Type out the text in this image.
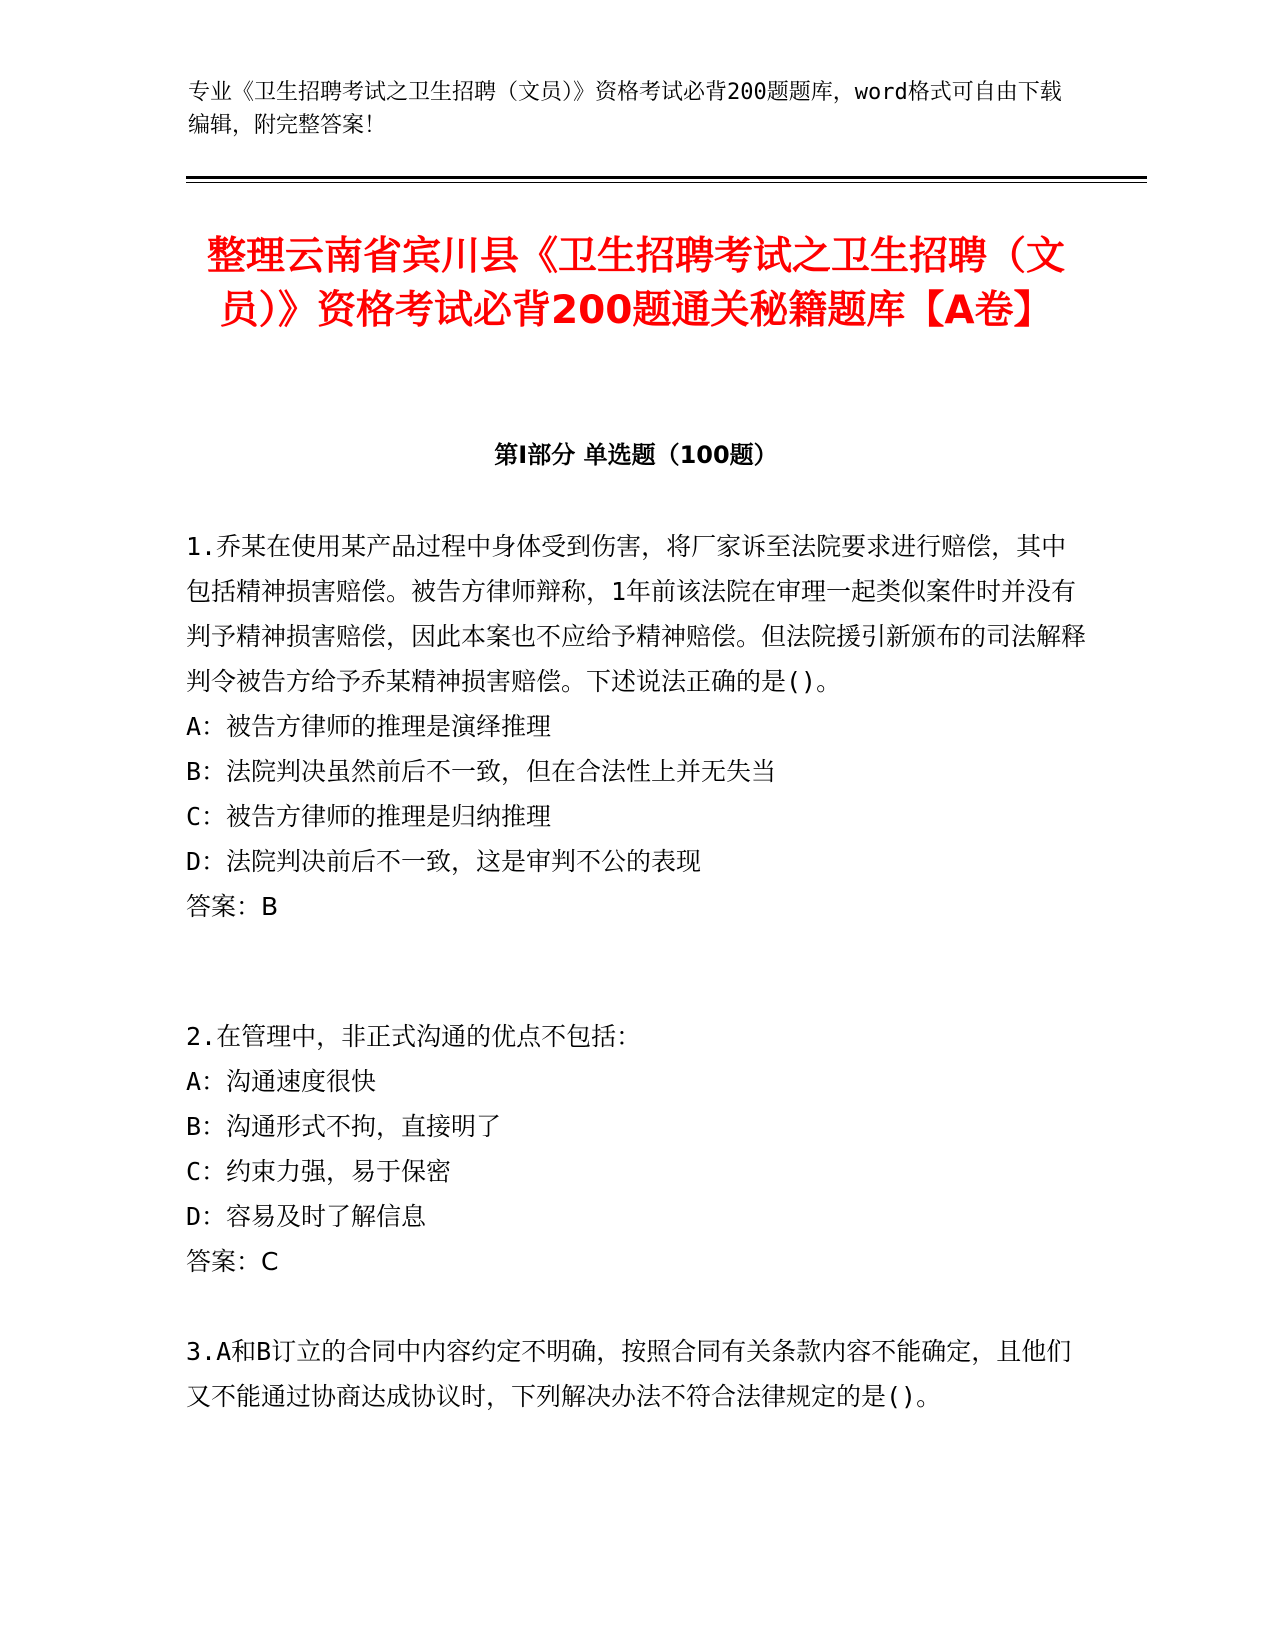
专业《卫生招聘考试之卫生招聘（文员）》资格考试必背200题题库，word格式可自由下载编辑，附完整答案！
整理云南省宾川县《卫生招聘考试之卫生招聘（文员）》资格考试必背200题通关秘籍题库【A卷】
第Ⅰ部分 单选题（100题）

1.乔某在使用某产品过程中身体受到伤害，将厂家诉至法院要求进行赔偿，其中包括精神损害赔偿。被告方律师辩称，1年前该法院在审理一起类似案件时并没有判予精神损害赔偿，因此本案也不应给予精神赔偿。但法院援引新颁布的司法解释判令被告方给予乔某精神损害赔偿。下述说法正确的是()。

A：被告方律师的推理是演绎推理

B：法院判决虽然前后不一致，但在合法性上并无失当

C：被告方律师的推理是归纳推理

D：法院判决前后不一致，这是审判不公的表现

答案：B

2.在管理中，非正式沟通的优点不包括：

A：沟通速度很快

B：沟通形式不拘，直接明了

C：约束力强，易于保密

D：容易及时了解信息

答案：C

3.A和B订立的合同中内容约定不明确，按照合同有关条款内容不能确定，且他们又不能通过协商达成协议时，下列解决办法不符合法律规定的是()。
